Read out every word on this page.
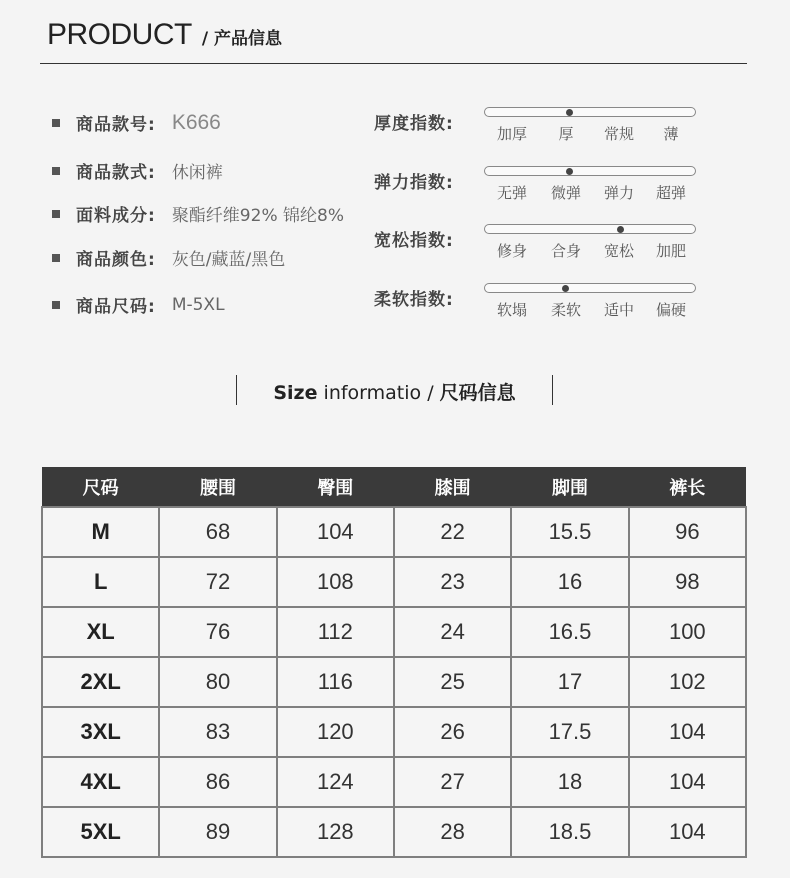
PRODUCT / 产品信息
商品款号: K666
商品款式: 休闲裤
面料成分: 聚酯纤维92% 锦纶8%
商品颜色: 灰色/藏蓝/黑色
商品尺码: M-5XL
厚度指数:	加厚	厚	常规	薄
弹力指数:	无弹	微弹	弹力	超弹
宽松指数:	修身	合身	宽松	加肥
柔软指数:	软塌	柔软	适中	偏硬
Size informatio / 尺码信息
尺码	腰围	臀围	膝围	脚围	裤长
M	68	104	22	15.5	96
L	72	108	23	16	98
XL	76	112	24	16.5	100
2XL	80	116	25	17	102
3XL	83	120	26	17.5	104
4XL	86	124	27	18	104
5XL	89	128	28	18.5	104
